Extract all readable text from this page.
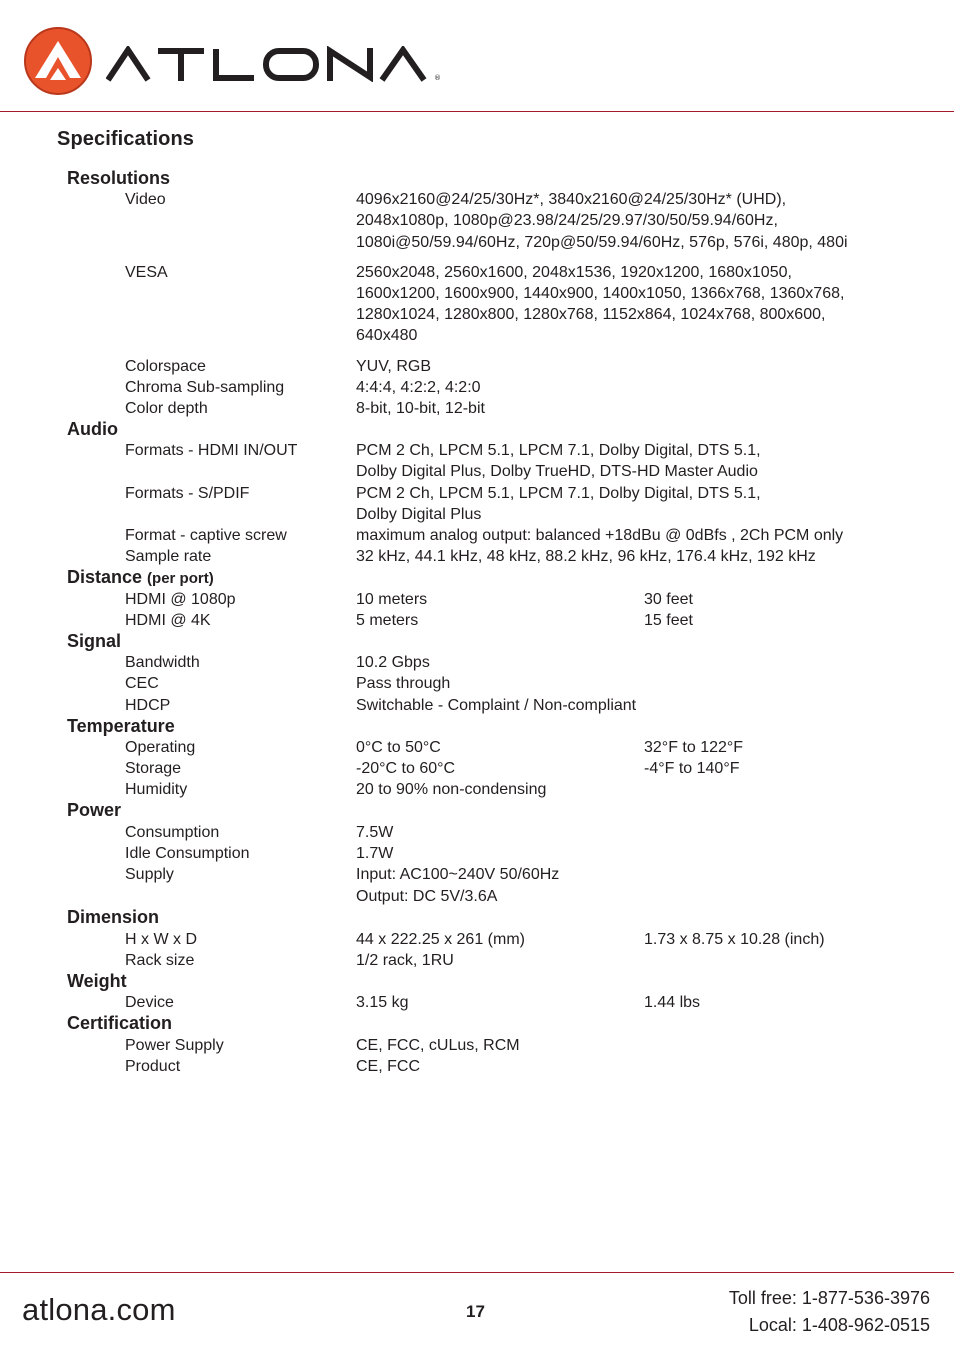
®
Specifications
Resolutions
Video	4096x2160@24/25/30Hz*, 3840x2160@24/25/30Hz* (UHD),
2048x1080p, 1080p@23.98/24/25/29.97/30/50/59.94/60Hz,
1080i@50/59.94/60Hz, 720p@50/59.94/60Hz, 576p, 576i, 480p, 480i
VESA	2560x2048, 2560x1600, 2048x1536, 1920x1200, 1680x1050,
1600x1200, 1600x900, 1440x900, 1400x1050, 1366x768, 1360x768,
1280x1024, 1280x800, 1280x768, 1152x864, 1024x768, 800x600,
640x480
Colorspace	YUV, RGB
Chroma Sub-sampling	4:4:4, 4:2:2, 4:2:0
Color depth	8-bit, 10-bit, 12-bit
Audio
Formats - HDMI IN/OUT	PCM 2 Ch, LPCM 5.1, LPCM 7.1, Dolby Digital, DTS 5.1,
Dolby Digital Plus, Dolby TrueHD, DTS-HD Master Audio
Formats - S/PDIF	PCM 2 Ch, LPCM 5.1, LPCM 7.1, Dolby Digital, DTS 5.1,
Dolby Digital Plus
Format - captive screw	maximum analog output: balanced +18dBu @ 0dBfs , 2Ch PCM only
Sample rate	32 kHz, 44.1 kHz, 48 kHz, 88.2 kHz, 96 kHz, 176.4 kHz, 192 kHz
Distance (per port)
HDMI @ 1080p	10 meters	30 feet
HDMI @ 4K	5 meters	15 feet
Signal
Bandwidth	10.2 Gbps
CEC	Pass through
HDCP	Switchable - Complaint / Non-compliant
Temperature
Operating	0°C to 50°C	32°F to 122°F
Storage	-20°C to 60°C	-4°F to 140°F
Humidity	20 to 90% non-condensing
Power
Consumption	7.5W
Idle Consumption	1.7W
Supply	Input: AC100~240V 50/60Hz
Output: DC 5V/3.6A
Dimension
H x W x D	44 x 222.25 x 261 (mm)	1.73 x 8.75 x 10.28 (inch)
Rack size	1/2 rack, 1RU
Weight
Device	3.15 kg	1.44 lbs
Certification
Power Supply	CE, FCC, cULus, RCM
Product	CE, FCC
atlona.com	17
Toll free: 1-877-536-3976
Local: 1-408-962-0515
